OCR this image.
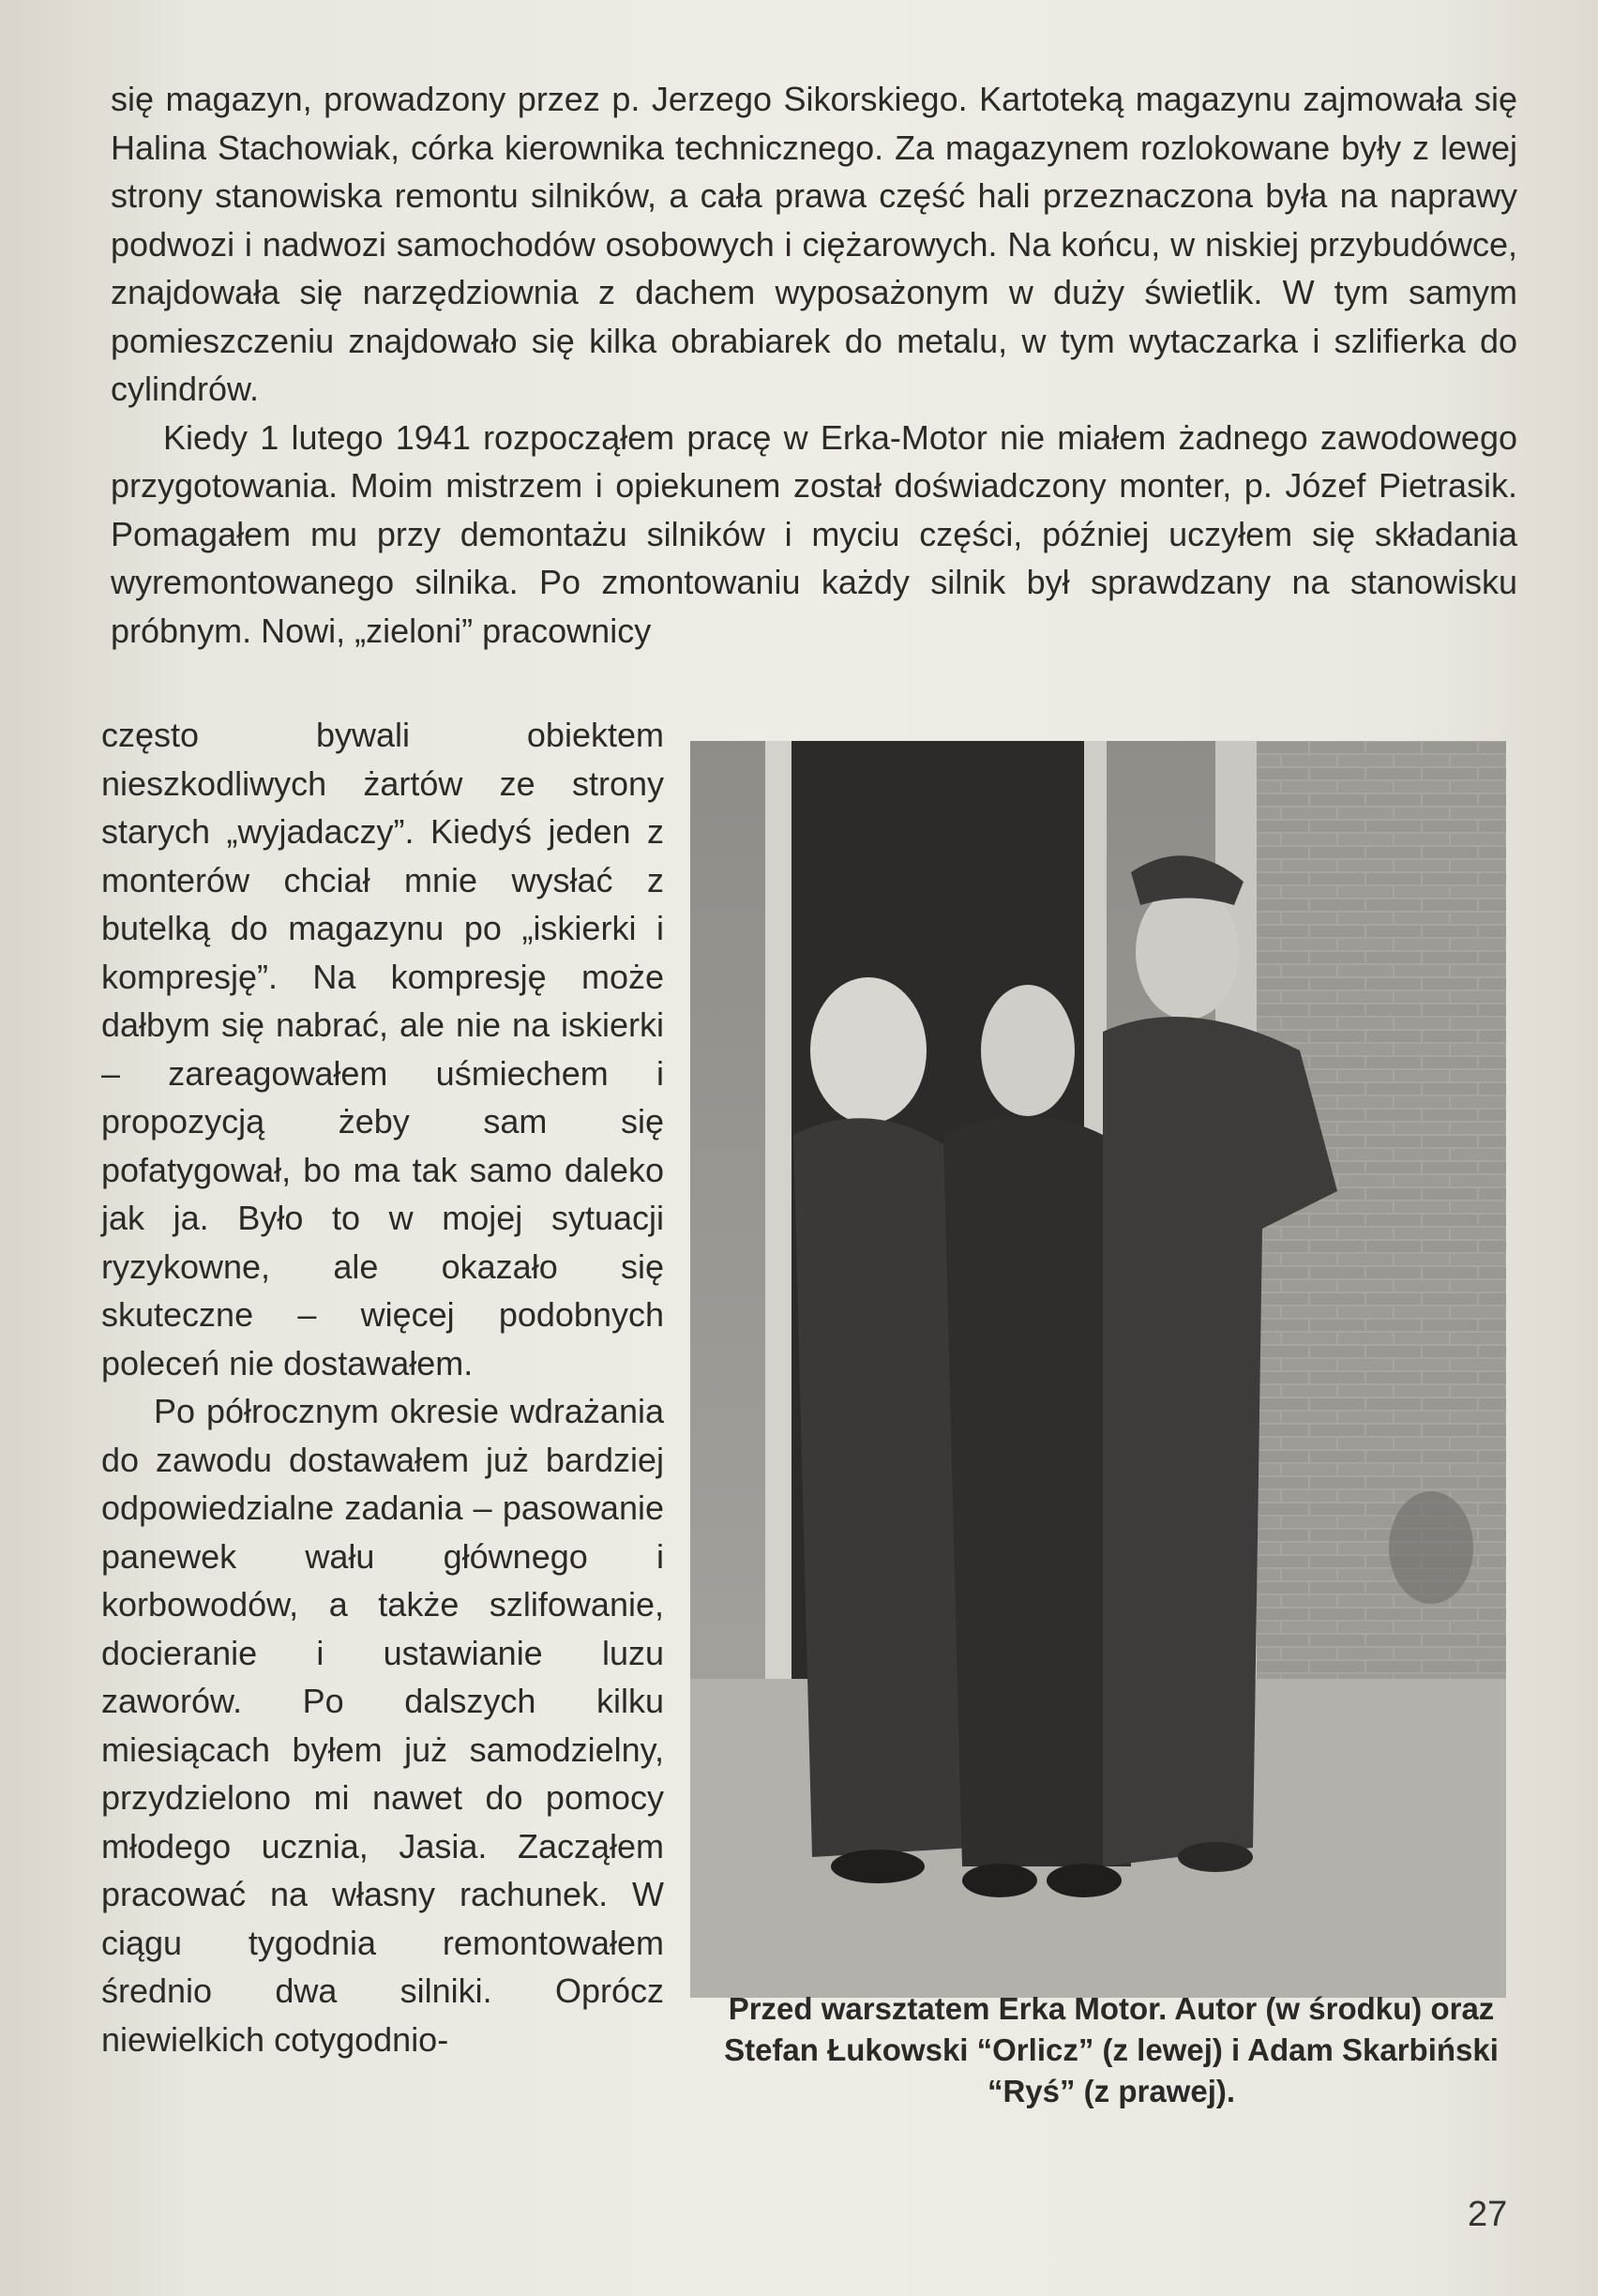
się magazyn, prowadzony przez p. Jerzego Sikorskiego. Kartoteką magazynu zajmowała się Halina Stachowiak, córka kierownika technicznego. Za magazynem rozlokowane były z lewej strony stanowiska remontu silników, a cała prawa część hali przeznaczona była na naprawy podwozi i nadwozi samochodów osobowych i ciężarowych. Na końcu, w niskiej przybudówce, znajdowała się narzędziownia z dachem wyposażonym w duży świetlik. W tym samym pomieszczeniu znajdowało się kilka obrabiarek do metalu, w tym wytaczarka i szlifierka do cylindrów.

Kiedy 1 lutego 1941 rozpocząłem pracę w Erka-Motor nie miałem żadnego zawodowego przygotowania. Moim mistrzem i opiekunem został doświadczony monter, p. Józef Pietrasik. Pomagałem mu przy demontażu silników i myciu części, później uczyłem się składania wyremontowanego silnika. Po zmontowaniu każdy silnik był sprawdzany na stanowisku próbnym. Nowi, „zieloni” pracownicy

często bywali obiektem nieszkodliwych żartów ze strony starych „wyjadaczy”. Kiedyś jeden z monterów chciał mnie wysłać z butelką do magazynu po „iskierki i kompresję”. Na kompresję może dałbym się nabrać, ale nie na iskierki – zareagowałem uśmiechem i propozycją żeby sam się pofatygował, bo ma tak samo daleko jak ja. Było to w mojej sytuacji ryzykowne, ale okazało się skuteczne – więcej podobnych poleceń nie dostawałem.

Po półrocznym okresie wdrażania do zawodu dostawałem już bardziej odpowiedzialne zadania – pasowanie panewek wału głównego i korbowodów, a także szlifowanie, docieranie i ustawianie luzu zaworów. Po dalszych kilku miesiącach byłem już samodzielny, przydzielono mi nawet do pomocy młodego ucznia, Jasia. Zacząłem pracować na własny rachunek. W ciągu tygodnia remontowałem średnio dwa silniki. Oprócz niewielkich cotygodnio-

Przed warsztatem Erka Motor. Autor (w środku) oraz Stefan Łukowski “Orlicz” (z lewej) i Adam Skarbiński “Ryś” (z prawej).
27
